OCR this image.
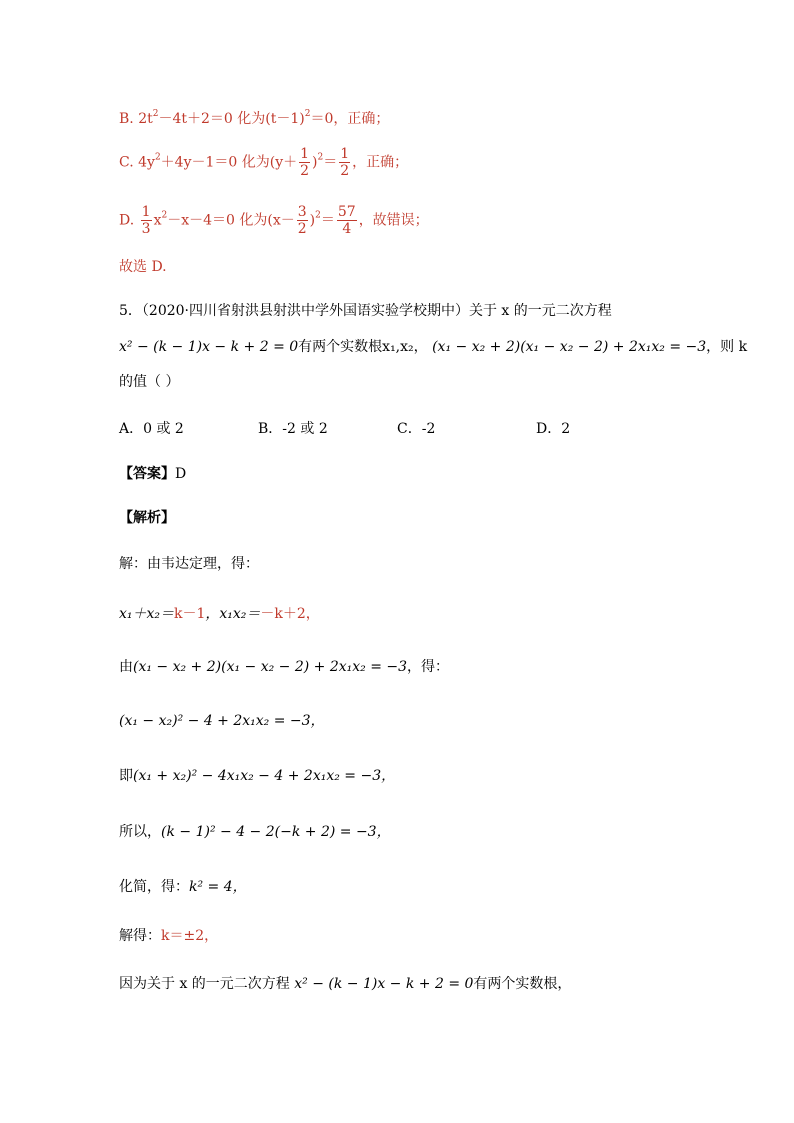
B. $2t^2-4t+2=0$ 化为$(t-1)^2=0$，正确；
C. $4y^2+4y-1=0$ 化为$(y+ \frac{1}{2} )^2= \frac{1}{2}$ ，正确；
D. $\frac{1}{3} x^2-x-4=0$ 化为$(x- \frac{3}{2} )^2= \frac{57}{4}$ ，故错误；
故选 D.
5．（2020·四川省射洪县射洪中学外国语实验学校期中）关于 x 的一元二次方程
x² − (k − 1)x − k + 2 = 0有两个实数根x₁,x₂， (x₁ − x₂ + 2)(x₁ − x₂ − 2) + 2x₁x₂ = −3，则 k
的值（ ）
A．0 或 2	B．-2 或 2	C．-2	D．2
【答案】D
【解析】
解：由韦达定理，得：
x₁＋x₂＝k－1，x₁x₂＝－k＋2，
由(x₁ − x₂ + 2)(x₁ − x₂ − 2) + 2x₁x₂ = −3，得：
(x₁ − x₂)² − 4 + 2x₁x₂ = −3，
即(x₁ + x₂)² − 4x₁x₂ − 4 + 2x₁x₂ = −3，
所以，(k − 1)² − 4 − 2(−k + 2) = −3，
化简，得：k² = 4，
解得：k＝±2，
因为关于 x 的一元二次方程 x² − (k − 1)x − k + 2 = 0有两个实数根，
